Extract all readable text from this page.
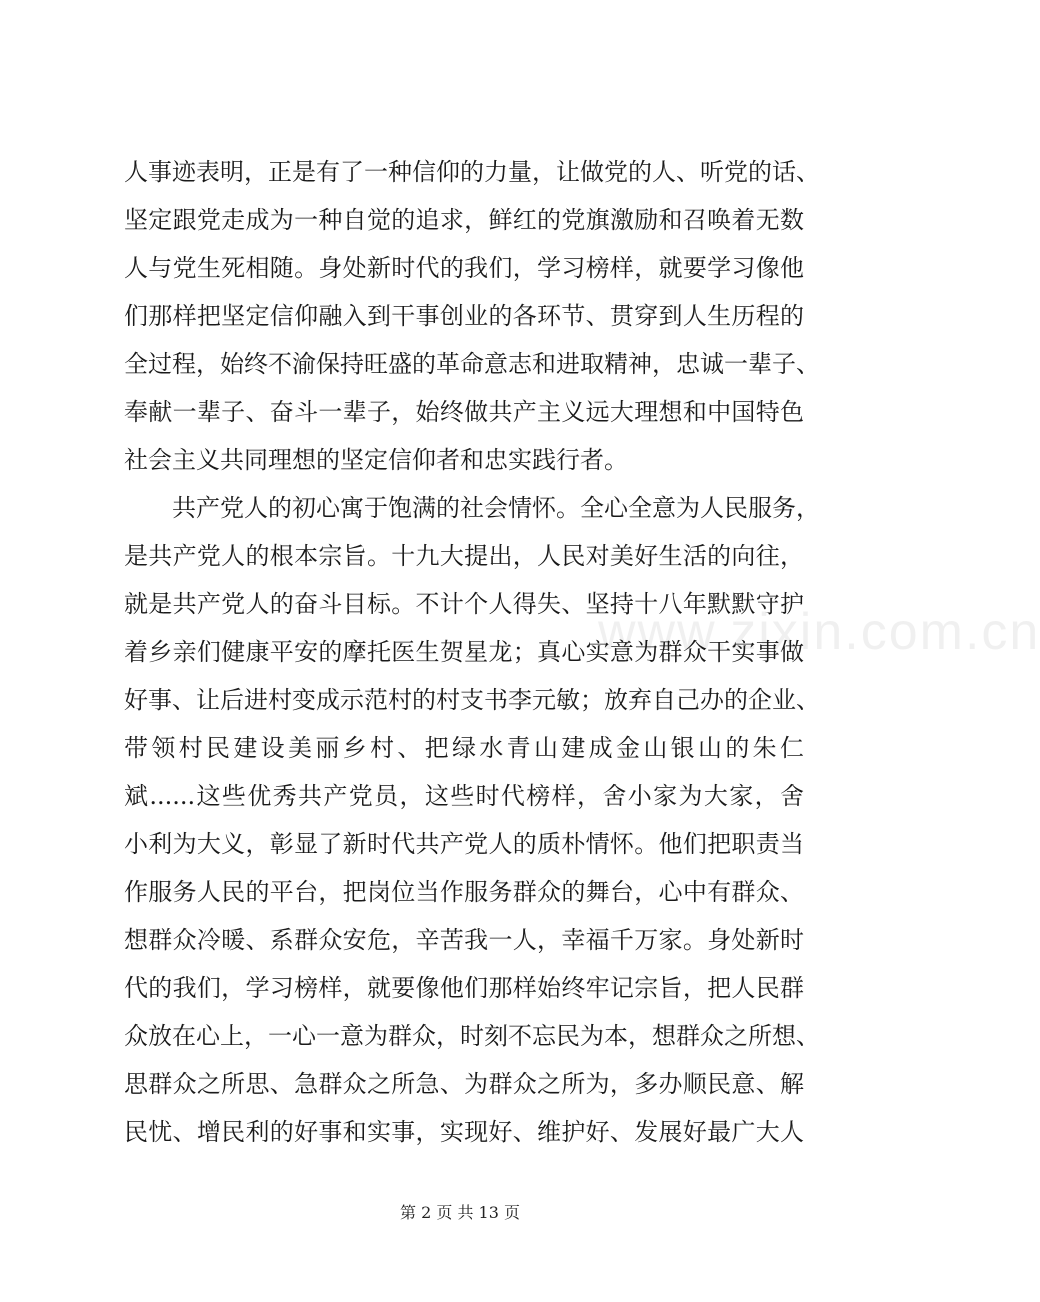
www.zixin.com.cn
人事迹表明，正是有了一种信仰的力量，让做党的人、听党的话、
坚定跟党走成为一种自觉的追求，鲜红的党旗激励和召唤着无数
人与党生死相随。身处新时代的我们，学习榜样，就要学习像他
们那样把坚定信仰融入到干事创业的各环节、贯穿到人生历程的
全过程，始终不渝保持旺盛的革命意志和进取精神，忠诚一辈子、
奉献一辈子、奋斗一辈子，始终做共产主义远大理想和中国特色
社会主义共同理想的坚定信仰者和忠实践行者。
共产党人的初心寓于饱满的社会情怀。全心全意为人民服务，
是共产党人的根本宗旨。十九大提出，人民对美好生活的向往，
就是共产党人的奋斗目标。不计个人得失、坚持十八年默默守护
着乡亲们健康平安的摩托医生贺星龙；真心实意为群众干实事做
好事、让后进村变成示范村的村支书李元敏；放弃自己办的企业、
带领村民建设美丽乡村、把绿水青山建成金山银山的朱仁
斌......这些优秀共产党员，这些时代榜样，舍小家为大家，舍
小利为大义，彰显了新时代共产党人的质朴情怀。他们把职责当
作服务人民的平台，把岗位当作服务群众的舞台，心中有群众、
想群众冷暖、系群众安危，辛苦我一人，幸福千万家。身处新时
代的我们，学习榜样，就要像他们那样始终牢记宗旨，把人民群
众放在心上，一心一意为群众，时刻不忘民为本，想群众之所想、
思群众之所思、急群众之所急、为群众之所为，多办顺民意、解
民忧、增民利的好事和实事，实现好、维护好、发展好最广大人
第 2 页 共 13 页
